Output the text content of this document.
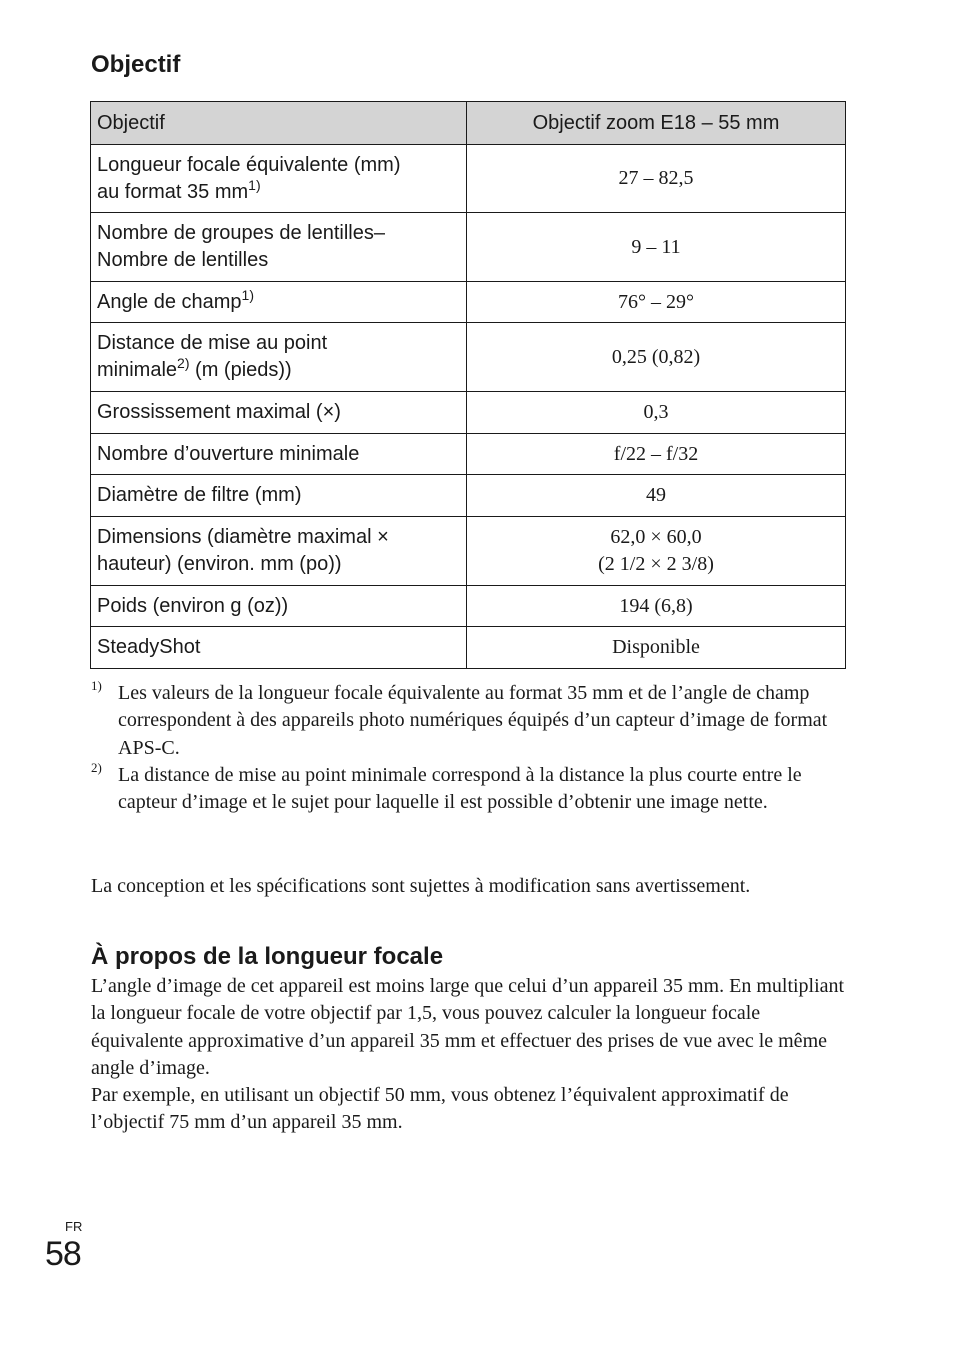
Objectif
Objectif	Objectif zoom E18 – 55 mm
Longueur focale équivalente (mm)
au format 35 mm$^{1)}$	27 – 82,5
Nombre de groupes de lentilles–
Nombre de lentilles	9 – 11
Angle de champ$^{1)}$	76° – 29°
Distance de mise au point
minimale$^{2)}$ (m (pieds))	0,25 (0,82)
Grossissement maximal (×)	0,3
Nombre d’ouverture minimale	f/22 – f/32
Diamètre de filtre (mm)	49
Dimensions (diamètre maximal ×
hauteur) (environ. mm (po))	62,0 × 60,0
(2 1/2 × 2 3/8)

Poids (environ g (oz))	194 (6,8)
SteadyShot	Disponible
1) Les valeurs de la longueur focale équivalente au format 35 mm et de l’angle de champ correspondent à des appareils photo numériques équipés d’un capteur d’image de format APS-C.
2) La distance de mise au point minimale correspond à la distance la plus courte entre le capteur d’image et le sujet pour laquelle il est possible d’obtenir une image nette.

La conception et les spécifications sont sujettes à modification sans avertissement.

À propos de la longueur focale

L’angle d’image de cet appareil est moins large que celui d’un appareil 35 mm. En multipliant la longueur focale de votre objectif par 1,5, vous pouvez calculer la longueur focale équivalente approximative d’un appareil 35 mm et effectuer des prises de vue avec le même angle d’image.

Par exemple, en utilisant un objectif 50 mm, vous obtenez l’équivalent approximatif de l’objectif 75 mm d’un appareil 35 mm.

FR
58
